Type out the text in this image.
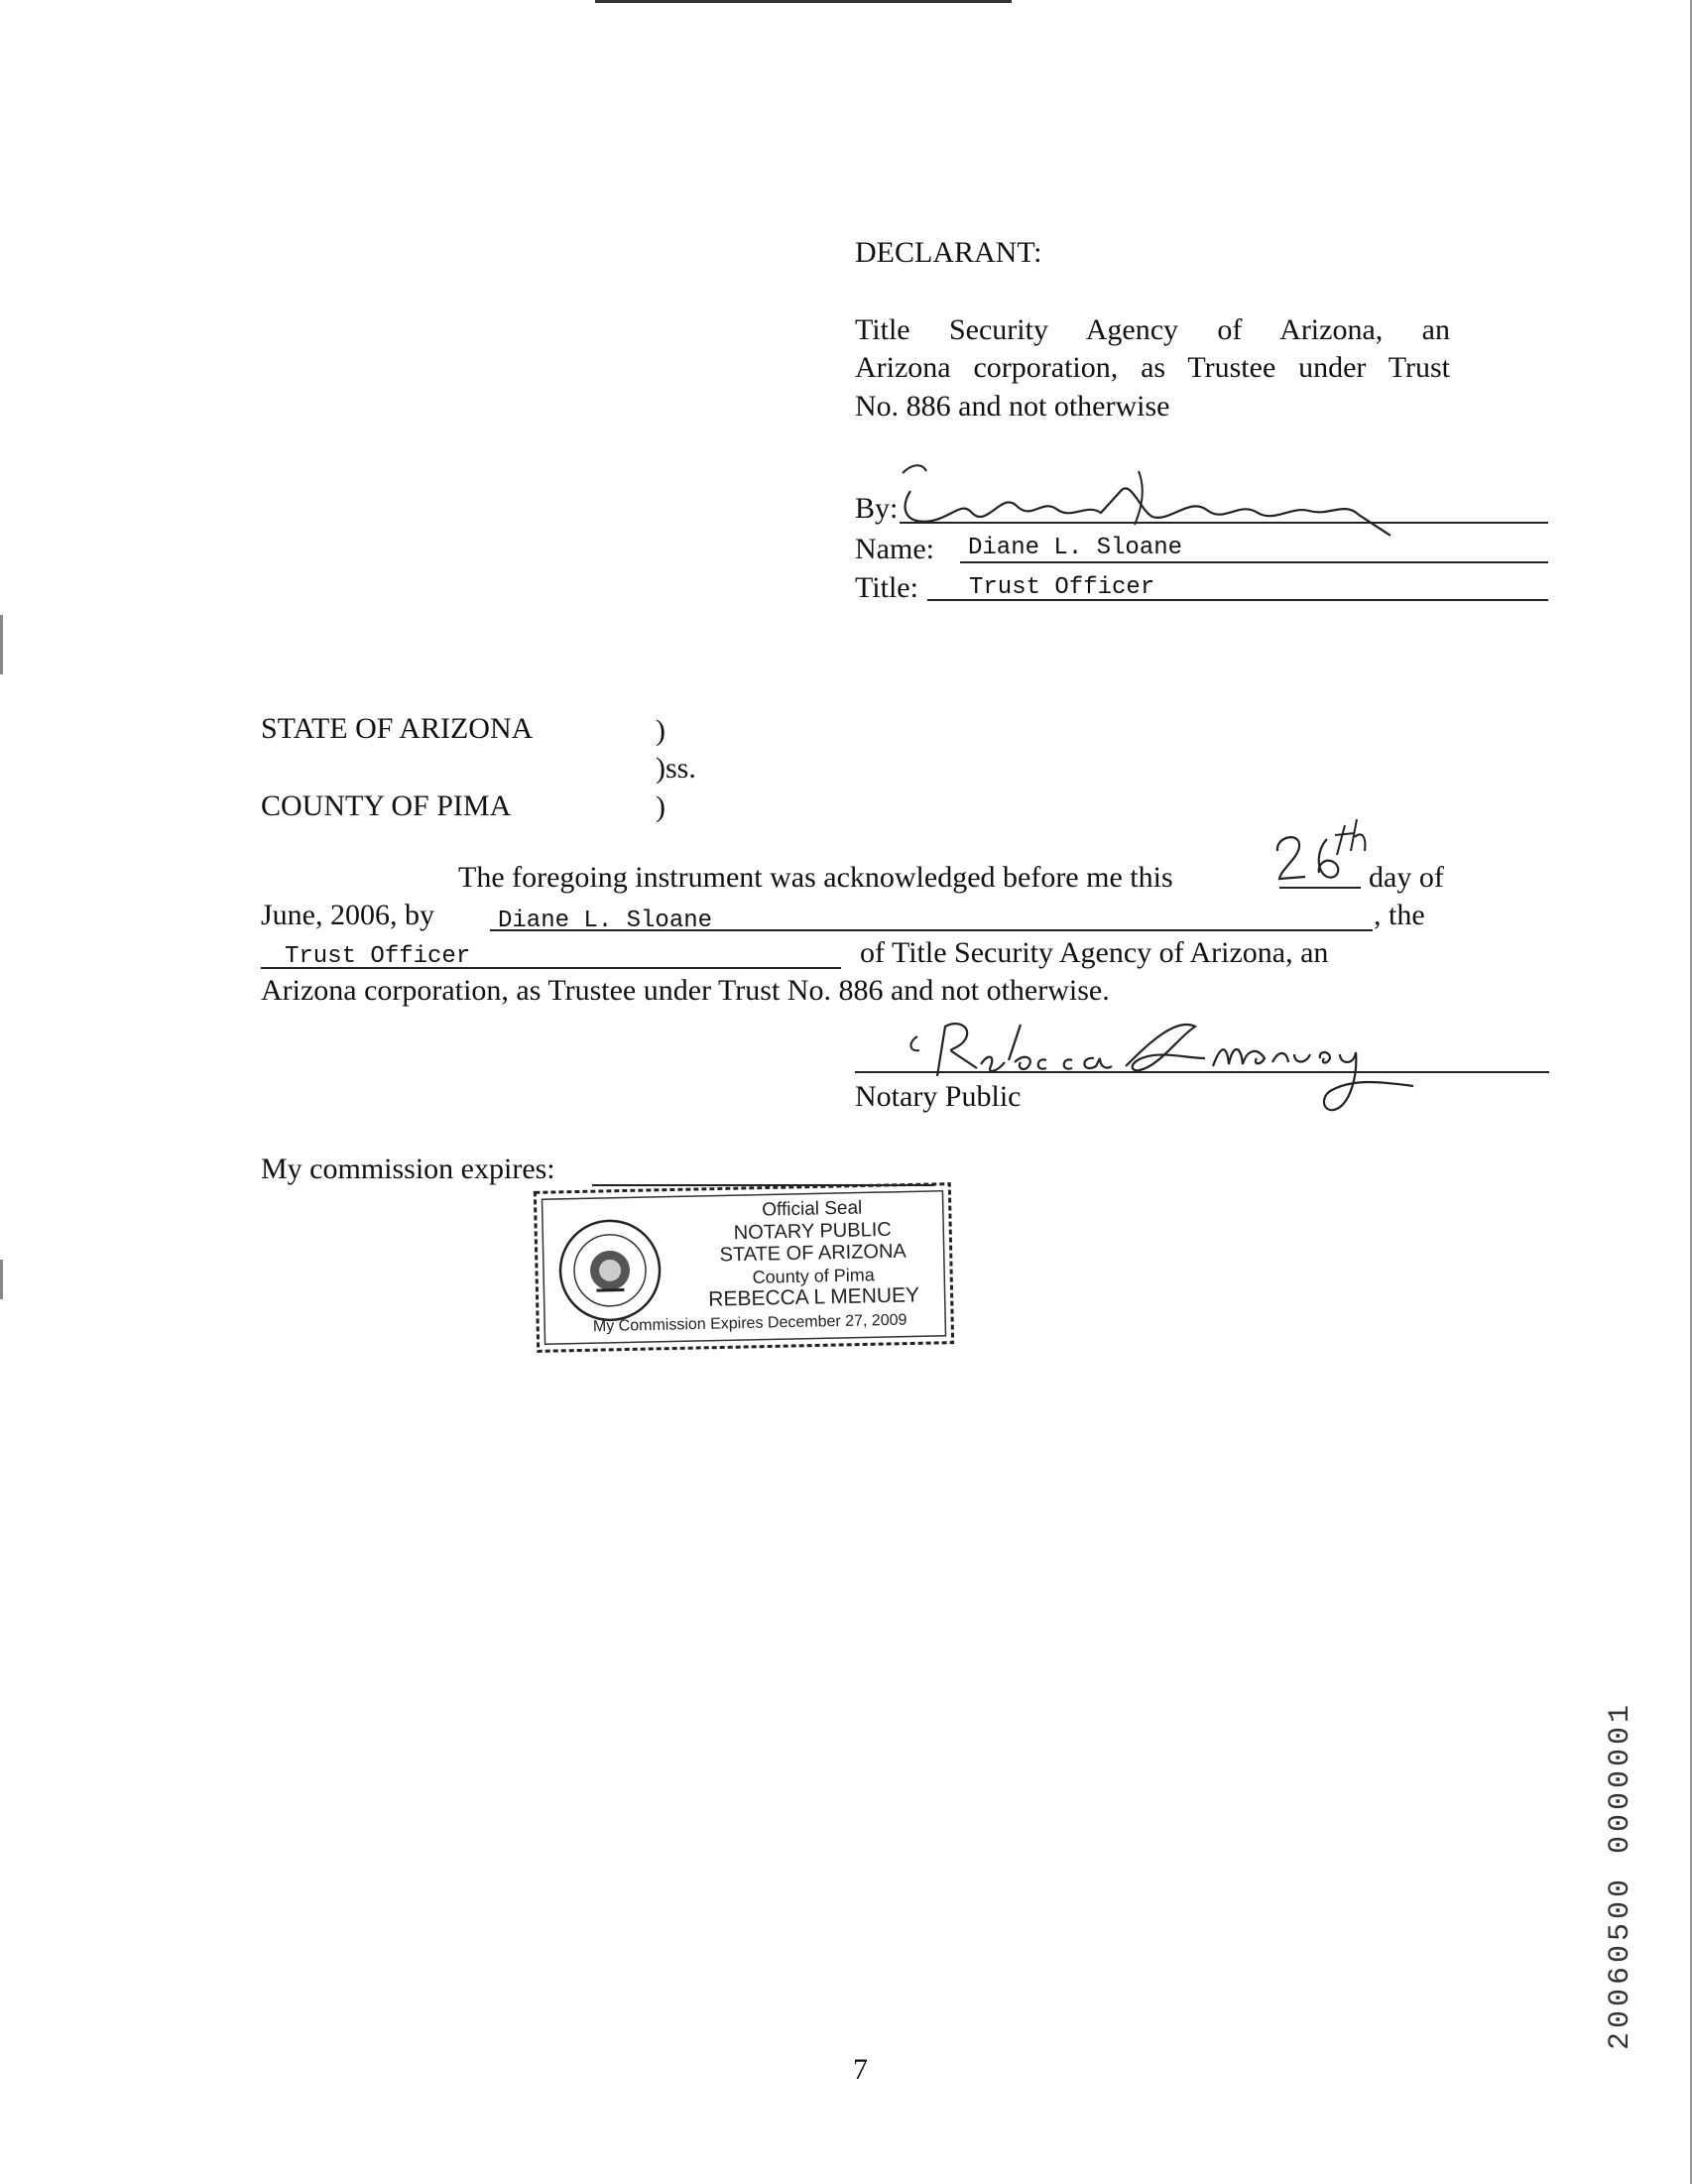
DECLARANT:
Title Security Agency of Arizona, an
Arizona corporation, as Trustee under Trust
No. 886 and not otherwise
By:
Name: Diane L. Sloane
Title: Trust Officer
STATE OF ARIZONA	)
)ss.
COUNTY OF PIMA	)
The foregoing instrument was acknowledged before me this	day of
June, 2006, by	Diane L. Sloane	, the
Trust Officer	of Title Security Agency of Arizona, an
Arizona corporation, as Trustee under Trust No. 886 and not otherwise.
Notary Public
My commission expires:
Official Seal
NOTARY PUBLIC
STATE OF ARIZONA
County of Pima
REBECCA L MENUEY
My Commission Expires December 27, 2009
20060500 0000001
7
